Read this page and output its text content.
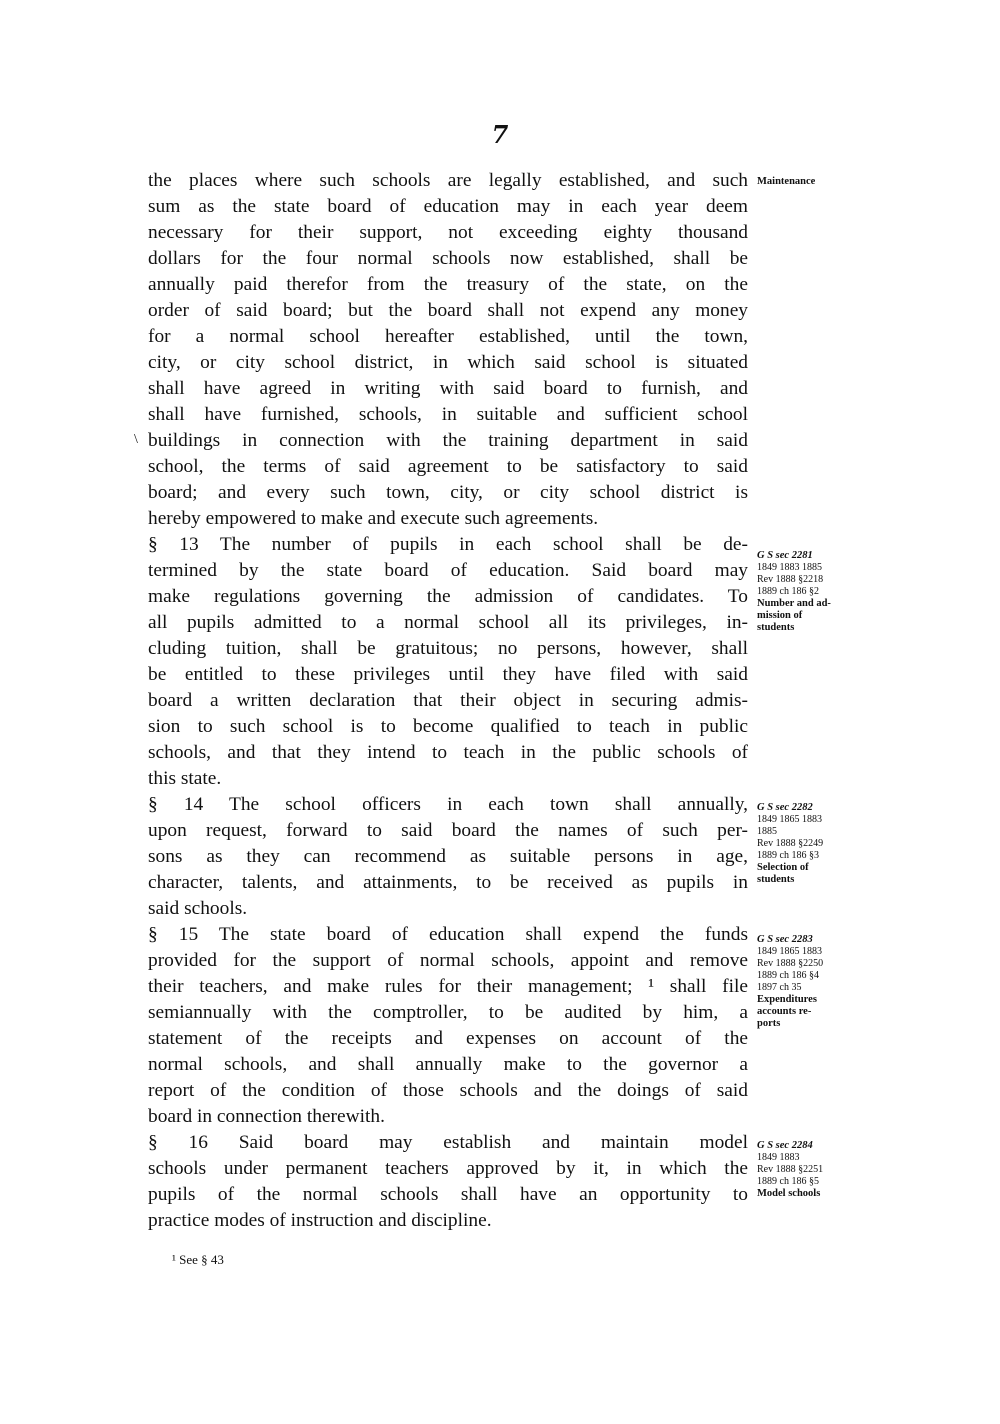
7
\
the places where such schools are legally established, and such
sum as the state board of education may in each year deem
necessary for their support, not exceeding eighty thousand
dollars for the four normal schools now established, shall be
annually paid therefor from the treasury of the state, on the
order of said board; but the board shall not expend any money
for a normal school hereafter established, until the town,
city, or city school district, in which said school is situated
shall have agreed in writing with said board to furnish, and
shall have furnished, schools, in suitable and sufficient school
buildings in connection with the training department in said
school, the terms of said agreement to be satisfactory to said
board; and every such town, city, or city school district is
hereby empowered to make and execute such agreements.
§ 13 The number of pupils in each school shall be de-
termined by the state board of education. Said board may
make regulations governing the admission of candidates. To
all pupils admitted to a normal school all its privileges, in-
cluding tuition, shall be gratuitous; no persons, however, shall
be entitled to these privileges until they have filed with said
board a written declaration that their object in securing admis-
sion to such school is to become qualified to teach in public
schools, and that they intend to teach in the public schools of
this state.
§ 14 The school officers in each town shall annually,
upon request, forward to said board the names of such per-
sons as they can recommend as suitable persons in age,
character, talents, and attainments, to be received as pupils in
said schools.
§ 15 The state board of education shall expend the funds
provided for the support of normal schools, appoint and remove
their teachers, and make rules for their management; ¹ shall file
semiannually with the comptroller, to be audited by him, a
statement of the receipts and expenses on account of the
normal schools, and shall annually make to the governor a
report of the condition of those schools and the doings of said
board in connection therewith.
§ 16 Said board may establish and maintain model
schools under permanent teachers approved by it, in which the
pupils of the normal schools shall have an opportunity to
practice modes of instruction and discipline.
Maintenance
G S sec 2281
1849 1883 1885
Rev 1888 §2218
1889 ch 186 §2
Number and ad-
mission of
students
G S sec 2282
1849 1865 1883
1885
Rev 1888 §2249
1889 ch 186 §3
Selection of
students
G S sec 2283
1849 1865 1883
Rev 1888 §2250
1889 ch 186 §4
1897 ch 35
Expenditures
accounts re-
ports
G S sec 2284
1849 1883
Rev 1888 §2251
1889 ch 186 §5
Model schools
¹ See § 43
